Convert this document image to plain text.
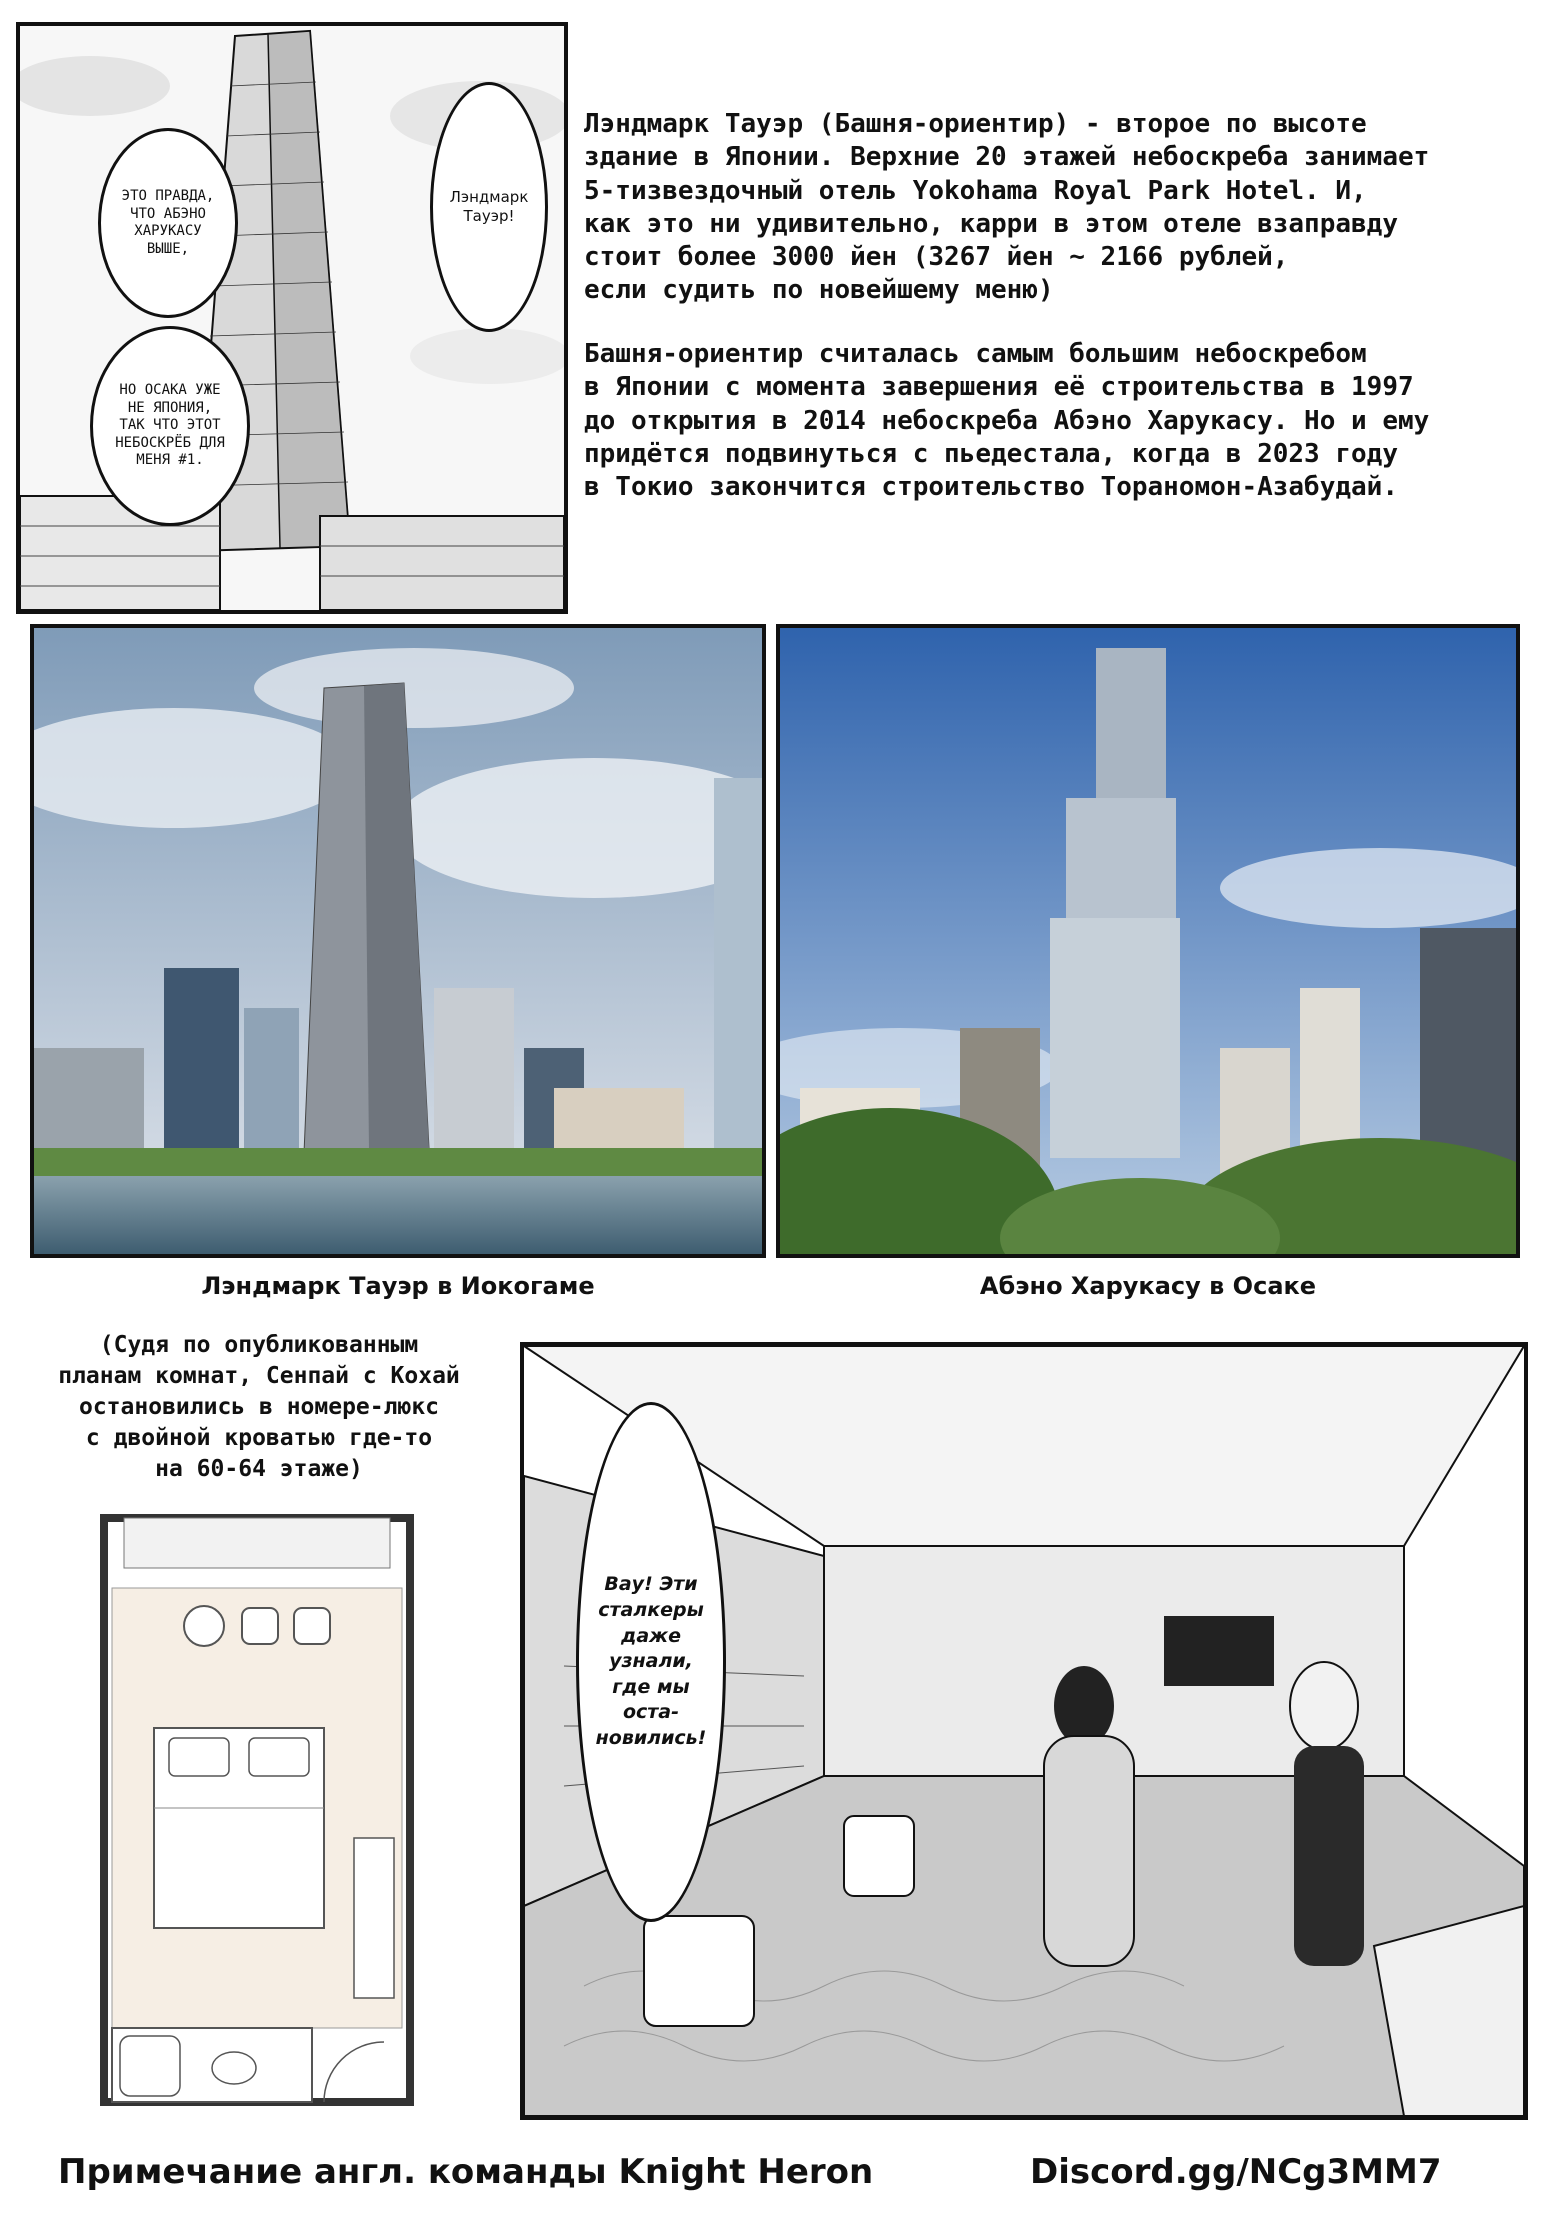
ЭТО ПРАВДА, ЧТО АБЭНО ХАРУКАСУ ВЫШЕ,
НО ОСАКА УЖЕ НЕ ЯПОНИЯ, ТАК ЧТО ЭТОТ НЕБОСКРЁБ ДЛЯ МЕНЯ #1.
Лэндмарк Тауэр!
Лэндмарк Тауэр (Башня-ориентир) - второе по высоте
здание в Японии. Верхние 20 этажей небоскреба занимает
5-тизвездочный отель Yokohama Royal Park Hotel. И,
как это ни удивительно, карри в этом отеле взаправду
стоит более 3000 йен (3267 йен ~ 2166 рублей,
если судить по новейшему меню)
Башня-ориентир считалась самым большим небоскребом
в Японии с момента завершения её строительства в 1997
до открытия в 2014 небоскреба Абэно Харукасу. Но и ему
придётся подвинуться с пьедестала, когда в 2023 году
в Токио закончится строительство Тораномон-Азабудай.
Лэндмарк Тауэр в Иокогаме	Абэно Харукасу в Осаке
(Судя по опубликованным
планам комнат, Сенпай с Кохай
остановились в номере-люкс
с двойной кроватью где-то
на 60-64 этаже)
Вау! Эти сталкеры даже узнали, где мы оста-новились!
Примечание англ. команды Knight Heron	Discord.gg/NCg3MM7
